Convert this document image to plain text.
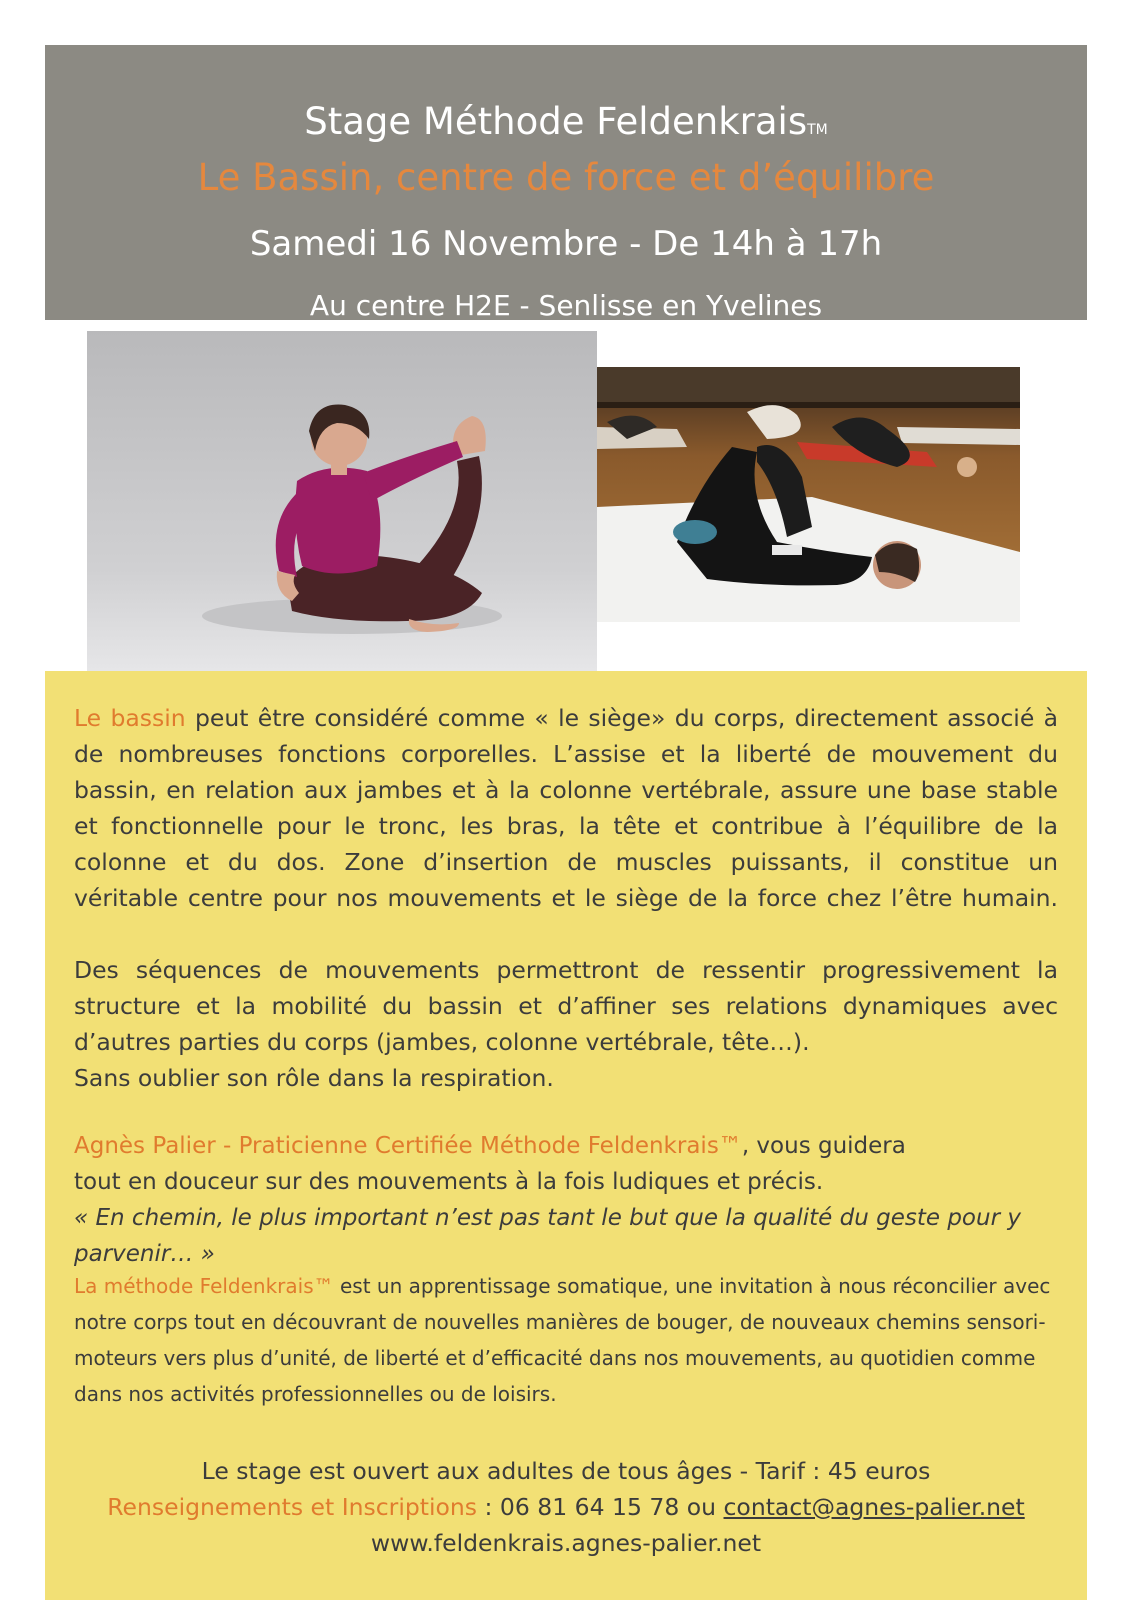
Stage Méthode FeldenkraisTM
Le Bassin, centre de force et d’équilibre
Samedi 16 Novembre - De 14h à 17h
Au centre H2E - Senlisse en Yvelines
Le bassin peut être considéré comme « le siège» du corps, directement associé à
de nombreuses fonctions corporelles. L’assise et la liberté de mouvement du
bassin, en relation aux jambes et à la colonne vertébrale, assure une base stable
et fonctionnelle pour le tronc, les bras, la tête et contribue à l’équilibre de la
colonne et du dos. Zone d’insertion de muscles puissants, il constitue un
véritable centre pour nos mouvements et le siège de la force chez l’être humain.
Des séquences de mouvements permettront de ressentir progressivement la
structure et la mobilité du bassin et d’affiner ses relations dynamiques avec
d’autres parties du corps (jambes, colonne vertébrale, tête…).
Sans oublier son rôle dans la respiration.
Agnès Palier - Praticienne Certifiée Méthode Feldenkrais™, vous guidera
tout en douceur sur des mouvements à la fois ludiques et précis.
« En chemin, le plus important n’est pas tant le but que la qualité du geste pour y
parvenir… »
La méthode Feldenkrais™ est un apprentissage somatique, une invitation à nous réconcilier avec
notre corps tout en découvrant de nouvelles manières de bouger, de nouveaux chemins sensori-
moteurs vers plus d’unité, de liberté et d’efficacité dans nos mouvements, au quotidien comme
dans nos activités professionnelles ou de loisirs.
Le stage est ouvert aux adultes de tous âges - Tarif : 45 euros
Renseignements et Inscriptions : 06 81 64 15 78 ou contact@agnes-palier.net
www.feldenkrais.agnes-palier.net
